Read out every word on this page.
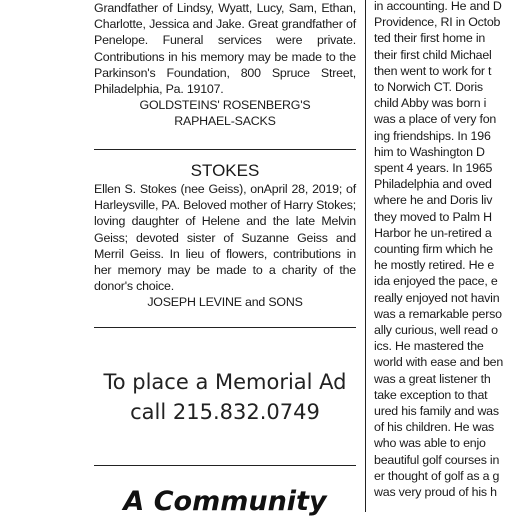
Grandfather of Lindsy, Wyatt, Lucy, Sam, Ethan, Charlotte, Jessica and Jake. Great grandfather of Penelope. Funeral services were private. Contributions in his memory may be made to the Parkinson's Foundation, 800 Spruce Street, Philadelphia, Pa. 19107.

GOLDSTEINS' ROSENBERG'S

RAPHAEL-SACKS

STOKES

Ellen S. Stokes (nee Geiss), onApril 28, 2019; of Harleysville, PA. Beloved mother of Harry Stokes; loving daughter of Helene and the late Melvin Geiss; devoted sister of Suzanne Geiss and Merril Geiss. In lieu of flowers, contributions in her memory may be made to a charity of the donor's choice.

JOSEPH LEVINE and SONS

To place a Memorial Ad
call 215.832.0749
A Community

in accounting. He and D

Providence, RI in Octob

ted their first home in

their first child Michael

then went to work for t

to Norwich CT. Doris

child Abby was born i

was a place of very fon

ing friendships. In 196

him to Washington D

spent 4 years. In 1965

Philadelphia and oved

where he and Doris liv

they moved to Palm H

Harbor he un-retired a

counting firm which he

he mostly retired. He e

ida enjoyed the pace, e

really enjoyed not havin

was a remarkable perso

ally curious, well read o

ics. He mastered the

world with ease and ben

was a great listener th

take exception to that

ured his family and was

of his children. He was

who was able to enjo

beautiful golf courses in

er thought of golf as a g

was very proud of his h
